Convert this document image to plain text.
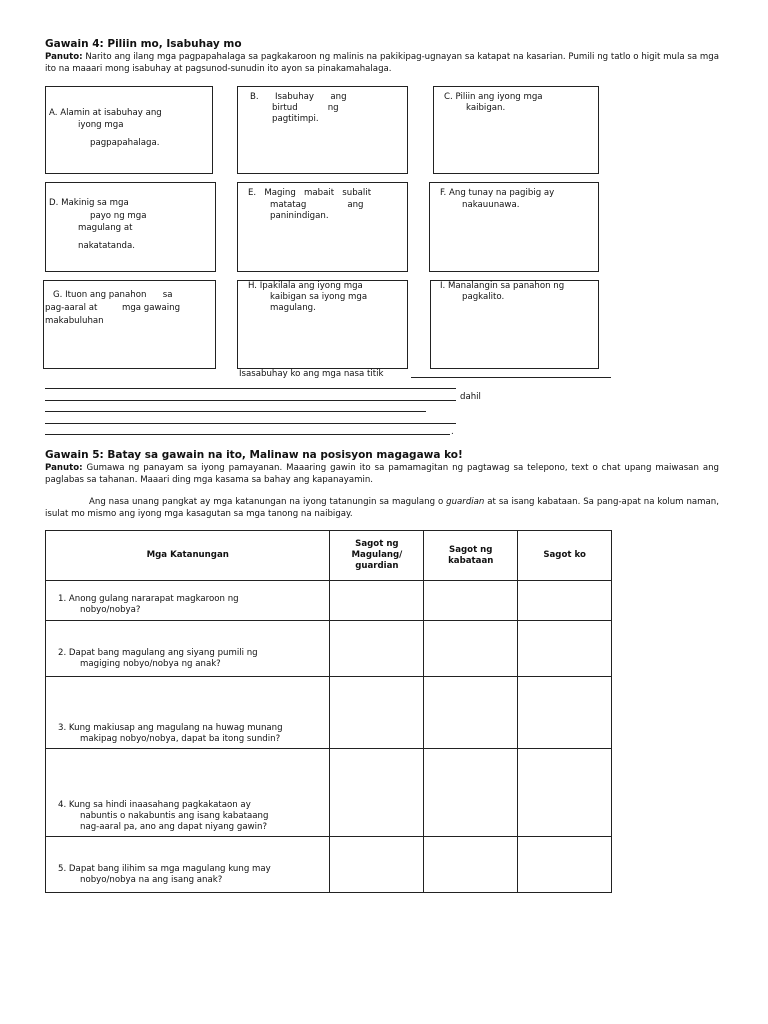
Gawain 4: Piliin mo, Isabuhay mo
Panuto: Narito ang ilang mga pagpapahalaga sa pagkakaroon ng malinis na pakikipag-ugnayan sa katapat na kasarian. Pumili ng tatlo o higit mula sa mga ito na maaari mong isabuhay at pagsunod-sunudin ito ayon sa pinakamahalaga.
A. Alamin at isabuhay ang
iyong mga
pagpapahalaga.
B.      Isabuhay      ang
birtud           ng
pagtitimpi.
C. Piliin ang iyong mga
kaibigan.
D. Makinig sa mga
payo ng mga
magulang at
nakatatanda.
E.   Maging   mabait   subalit
matatag               ang
paninindigan.
F. Ang tunay na pagibig ay
nakauunawa.
G. Ituon ang panahon      sa
pag-aaral at         mga gawaing
makabuluhan
H. Ipakilala ang iyong mga
kaibigan sa iyong mga
magulang.
I. Manalangin sa panahon ng
pagkalito.
Isasabuhay ko ang mga nasa titik
dahil
.
Gawain 5: Batay sa gawain na ito, Malinaw na posisyon magagawa ko!
Panuto: Gumawa ng panayam sa iyong pamayanan. Maaaring gawin ito sa pamamagitan ng pagtawag sa telepono, text o chat upang maiwasan ang paglabas sa tahanan. Maaari ding mga kasama sa bahay ang kapanayamin.
Ang nasa unang pangkat ay mga katanungan na iyong tatanungin sa magulang o guardian at sa isang kabataan. Sa pang-apat na kolum naman, isulat mo mismo ang iyong mga kasagutan sa mga tanong na naibigay.
Mga Katanungan	Sagot ng
Magulang/
guardian	Sagot ng
kabataan	Sagot ko
1. Anong gulang nararapat magkaroon ng
nobyo/nobya?			

2. Dapat bang magulang ang siyang pumili ng
magiging nobyo/nobya ng anak?			

3. Kung makiusap ang magulang na huwag munang
makipag nobyo/nobya, dapat ba itong sundin?			

4. Kung sa hindi inaasahang pagkakataon ay
nabuntis o nakabuntis ang isang kabataang
nag-aaral pa, ano ang dapat niyang gawin?			

5. Dapat bang ilihim sa mga magulang kung may
nobyo/nobya na ang isang anak?			
